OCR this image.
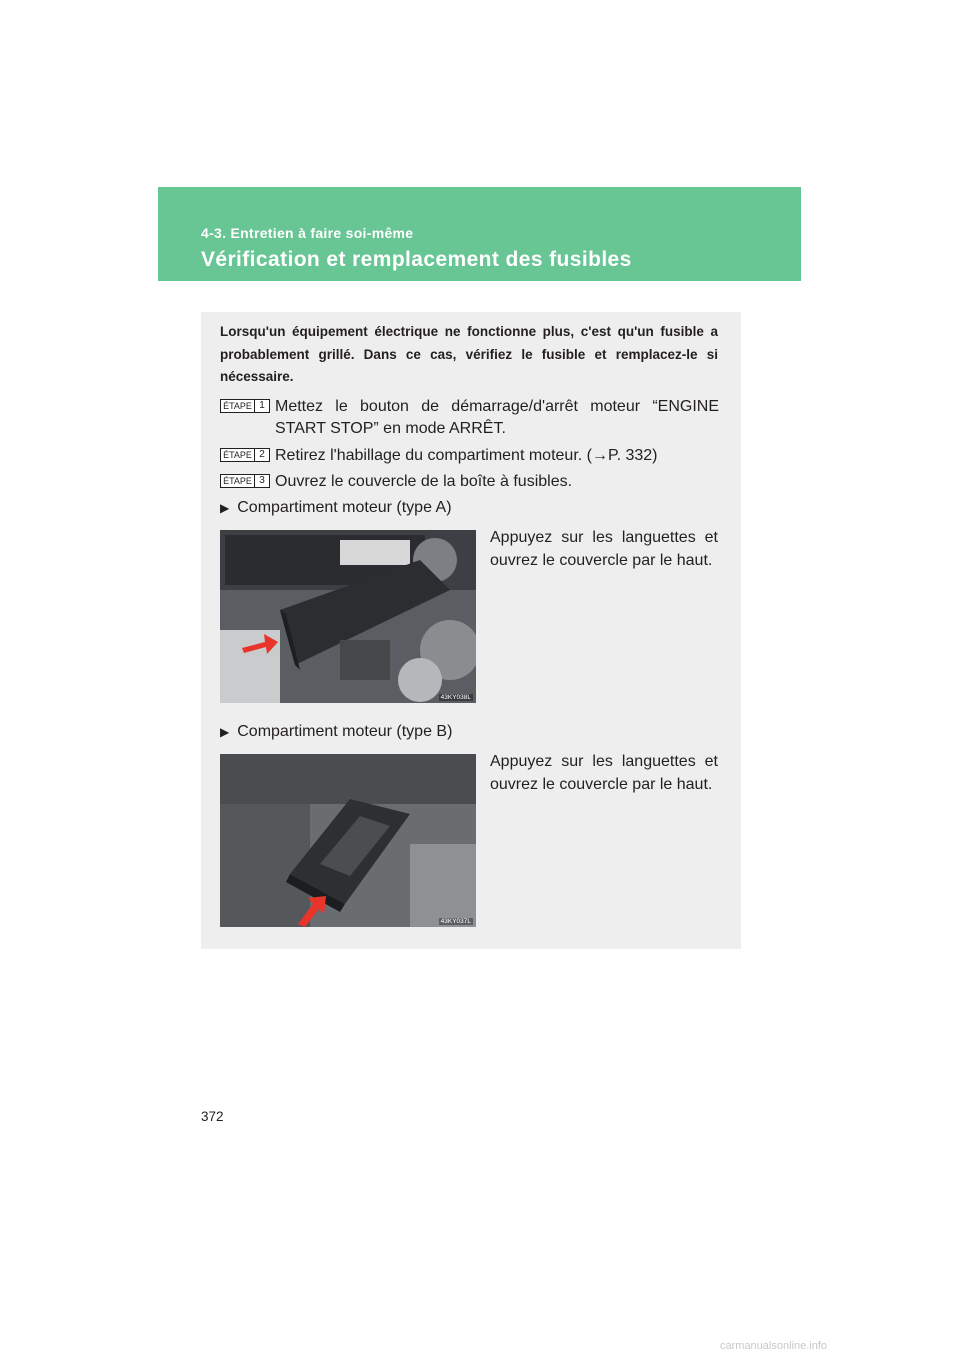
4-3. Entretien à faire soi-même
Vérification et remplacement des fusibles
Lorsqu'un équipement électrique ne fonctionne plus, c'est qu'un fusible a probablement grillé. Dans ce cas, vérifiez le fusible et remplacez-le si nécessaire.
ÉTAPE 1 Mettez le bouton de démarrage/d'arrêt moteur “ENGINE START STOP” en mode ARRÊT.
ÉTAPE 2 Retirez l'habillage du compartiment moteur. (→P. 332)
ÉTAPE 3 Ouvrez le couvercle de la boîte à fusibles.
▶ Compartiment moteur (type A)
Appuyez sur les languettes et ouvrez le couvercle par le haut.
43KY038L
▶ Compartiment moteur (type B)
Appuyez sur les languettes et ouvrez le couvercle par le haut.
43KY037L
372
carmanualsonline.info
